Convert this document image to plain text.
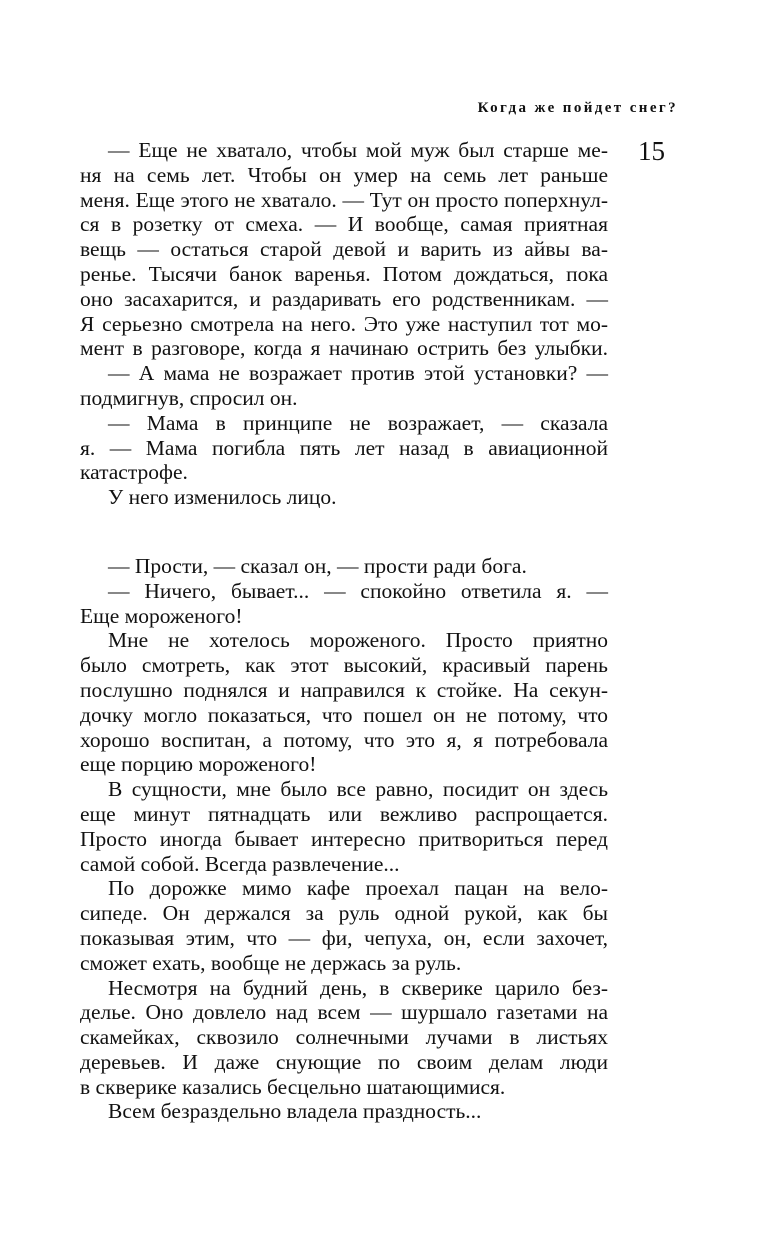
Когда же пойдет снег?
15
— Еще не хватало, чтобы мой муж был старше ме-
ня на семь лет. Чтобы он умер на семь лет раньше
меня. Еще этого не хватало. — Тут он просто поперхнул-
ся в розетку от смеха. — И вообще, самая приятная
вещь — остаться старой девой и варить из айвы ва-
ренье. Тысячи банок варенья. Потом дождаться, пока
оно засахарится, и раздаривать его родственникам. —
Я серьезно смотрела на него. Это уже наступил тот мо-
мент в разговоре, когда я начинаю острить без улыбки.
— А мама не возражает против этой установки? —
подмигнув, спросил он.
— Мама в принципе не возражает, — сказала
я. — Мама погибла пять лет назад в авиационной
катастрофе.
У него изменилось лицо.
— Прости, — сказал он, — прости ради бога.
— Ничего, бывает... — спокойно ответила я. —
Еще мороженого!
Мне не хотелось мороженого. Просто приятно
было смотреть, как этот высокий, красивый парень
послушно поднялся и направился к стойке. На секун-
дочку могло показаться, что пошел он не потому, что
хорошо воспитан, а потому, что это я, я потребовала
еще порцию мороженого!
В сущности, мне было все равно, посидит он здесь
еще минут пятнадцать или вежливо распрощается.
Просто иногда бывает интересно притвориться перед
самой собой. Всегда развлечение...
По дорожке мимо кафе проехал пацан на вело-
сипеде. Он держался за руль одной рукой, как бы
показывая этим, что — фи, чепуха, он, если захочет,
сможет ехать, вообще не держась за руль.
Несмотря на будний день, в скверике царило без-
делье. Оно довлело над всем — шуршало газетами на
скамейках, сквозило солнечными лучами в листьях
деревьев. И даже снующие по своим делам люди
в скверике казались бесцельно шатающимися.
Всем безраздельно владела праздность...
